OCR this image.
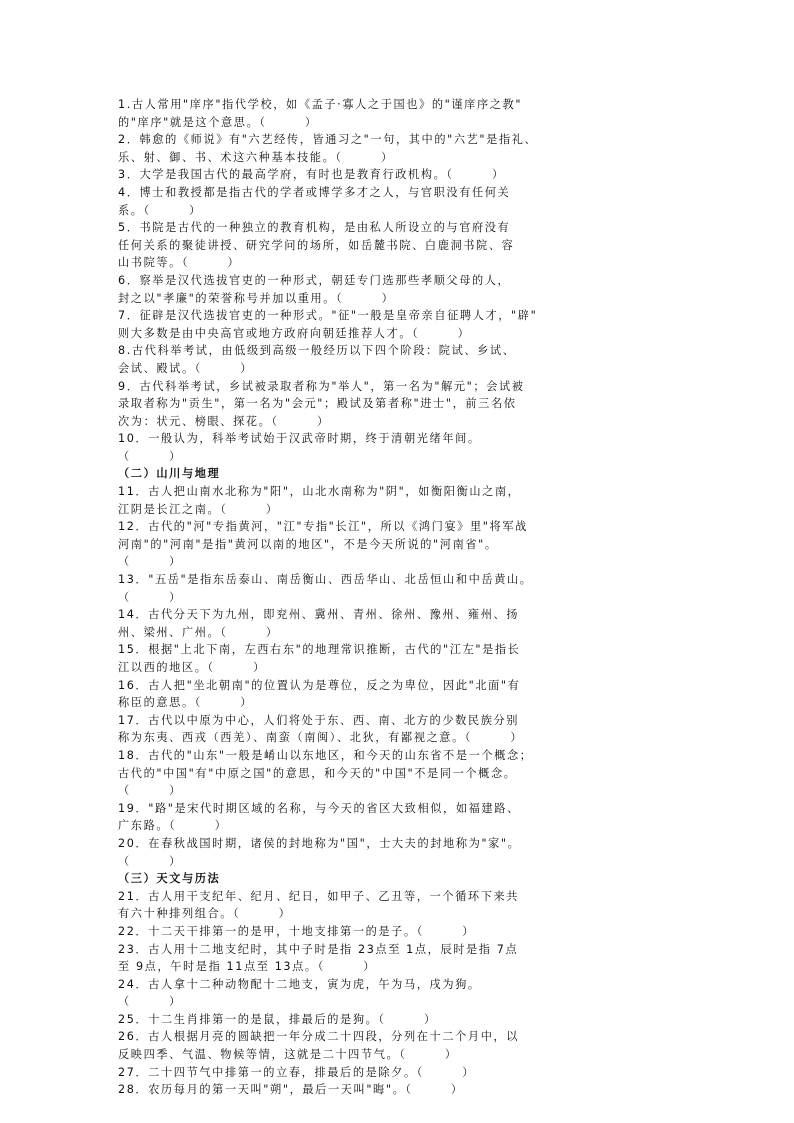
1.古人常用"庠序"指代学校，如《孟子·寡人之于国也》的"谨庠序之教"
的"庠序"就是这个意思。（　　　）
2．韩愈的《师说》有"六艺经传，皆通习之"一句，其中的"六艺"是指礼、
乐、射、御、书、术这六种基本技能。（　　　）
3．大学是我国古代的最高学府，有时也是教育行政机构。（　　　）
4．博士和教授都是指古代的学者或博学多才之人，与官职没有任何关
系。（　　　）
5．书院是古代的一种独立的教育机构，是由私人所设立的与官府没有
任何关系的聚徒讲授、研究学问的场所，如岳麓书院、白鹿洞书院、容
山书院等。（　　　）
6．察举是汉代选拔官吏的一种形式，朝廷专门选那些孝顺父母的人，
封之以"孝廉"的荣誉称号并加以重用。（　　　）
7．征辟是汉代选拔官吏的一种形式。"征"一般是皇帝亲自征聘人才，"辟"
则大多数是由中央高官或地方政府向朝廷推荐人才。（　　　）
8.古代科举考试，由低级到高级一般经历以下四个阶段：院试、乡试、
会试、殿试。（　　　）
9．古代科举考试，乡试被录取者称为"举人"，第一名为"解元"；会试被
录取者称为"贡生"，第一名为"会元"；殿试及第者称"进士"，前三名依
次为：状元、榜眼、探花。（　　　）
10．一般认为，科举考试始于汉武帝时期，终于清朝光绪年间。
（　　　）
（二）山川与地理
11．古人把山南水北称为"阳"，山北水南称为"阴"，如衡阳衡山之南，
江阴是长江之南。（　　　）
12．古代的"河"专指黄河，"江"专指"长江"，所以《鸿门宴》里"将军战
河南"的"河南"是指"黄河以南的地区"，不是今天所说的"河南省"。
（　　　）
13．"五岳"是指东岳泰山、南岳衡山、西岳华山、北岳恒山和中岳黄山。
（　　　）
14．古代分天下为九州，即兖州、冀州、青州、徐州、豫州、雍州、扬
州、梁州、广州。（　　　）
15．根据"上北下南，左西右东"的地理常识推断，古代的"江左"是指长
江以西的地区。（　　　）
16．古人把"坐北朝南"的位置认为是尊位，反之为卑位，因此"北面"有
称臣的意思。（　　　）
17．古代以中原为中心，人们将处于东、西、南、北方的少数民族分别
称为东夷、西戎（西羌）、南蛮（南闽）、北狄，有鄙视之意。（　　　）
18．古代的"山东"一般是崤山以东地区，和今天的山东省不是一个概念；
古代的"中国"有"中原之国"的意思，和今天的"中国"不是同一个概念。
（　　　）
19．"路"是宋代时期区域的名称，与今天的省区大致相似，如福建路、
广东路。（　　　）
20．在春秋战国时期，诸侯的封地称为"国"，士大夫的封地称为"家"。
（　　　）
（三）天文与历法
21．古人用干支纪年、纪月、纪日，如甲子、乙丑等，一个循环下来共
有六十种排列组合。（　　　）
22．十二天干排第一的是甲，十地支排第一的是子。（　　　）
23．古人用十二地支纪时，其中子时是指 23点至 1点，辰时是指 7点
至 9点，午时是指 11点至 13点。（　　　）
24．古人拿十二种动物配十二地支，寅为虎，午为马，戌为狗。
（　　　）
25．十二生肖排第一的是鼠，排最后的是狗。（　　　）
26．古人根据月亮的圆缺把一年分成二十四段，分列在十二个月中，以
反映四季、气温、物候等情，这就是二十四节气。（　　　）
27．二十四节气中排第一的立春，排最后的是除夕。（　　　）
28．农历每月的第一天叫"朔"，最后一天叫"晦"。（　　　）
